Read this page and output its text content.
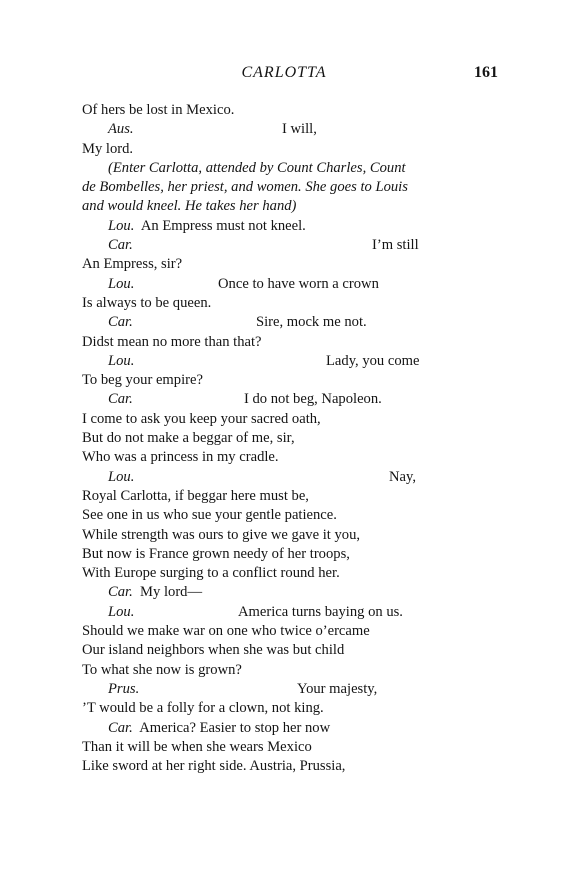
CARLOTTA	161
Of hers be lost in Mexico.
Aus.	I will,
My lord.
(Enter Carlotta, attended by Count Charles, Count
de Bombelles, her priest, and women. She goes to Louis
and would kneel. He takes her hand)
Lou. An Empress must not kneel.
Car.	I’m still
An Empress, sir?
Lou.	Once to have worn a crown
Is always to be queen.
Car.	Sire, mock me not.
Didst mean no more than that?
Lou.	Lady, you come
To beg your empire?
Car.	I do not beg, Napoleon.
I come to ask you keep your sacred oath,
But do not make a beggar of me, sir,
Who was a princess in my cradle.
Lou.	Nay,
Royal Carlotta, if beggar here must be,
See one in us who sue your gentle patience.
While strength was ours to give we gave it you,
But now is France grown needy of her troops,
With Europe surging to a conflict round her.
Car. My lord—
Lou.	America turns baying on us.
Should we make war on one who twice o’ercame
Our island neighbors when she was but child
To what she now is grown?
Prus.	Your majesty,
’T would be a folly for a clown, not king.
Car. America? Easier to stop her now
Than it will be when she wears Mexico
Like sword at her right side. Austria, Prussia,
